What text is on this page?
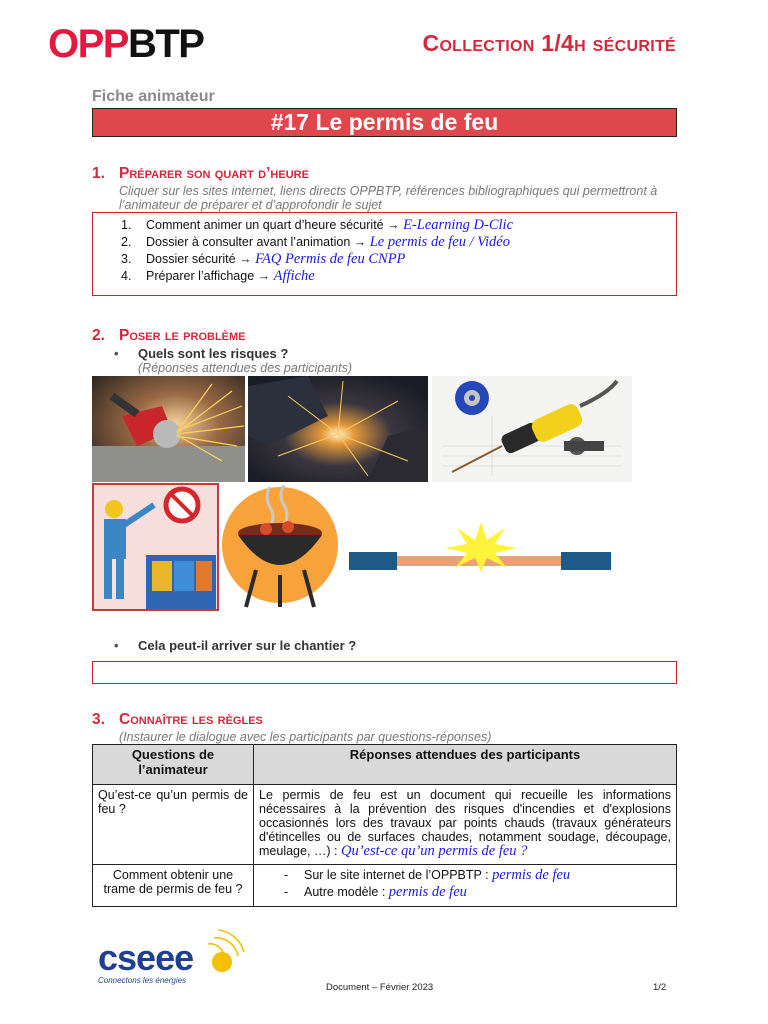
OPPBTP	Collection 1/4h sécurité
Fiche animateur
#17 Le permis de feu
1. Préparer son quart d’heure
Cliquer sur les sites internet, liens directs OPPBTP, références bibliographiques qui permettront à l’animateur de préparer et d’approfondir le sujet
1. Comment animer un quart d’heure sécurité → E-Learning D-Clic
2. Dossier à consulter avant l’animation → Le permis de feu / Vidéo
3. Dossier sécurité → FAQ Permis de feu CNPP
4. Préparer l’affichage → Affiche
2. Poser le problème
• Quels sont les risques ?
(Réponses attendues des participants)
• Cela peut-il arriver sur le chantier ?
3. Connaître les règles
(Instaurer le dialogue avec les participants par questions-réponses)
Questions de l’animateur	Réponses attendues des participants
Qu’est-ce qu’un permis de feu ?	Le permis de feu est un document qui recueille les informations nécessaires à la prévention des risques d'incendies et d'explosions occasionnés lors des travaux par points chauds (travaux générateurs d'étincelles ou de surfaces chaudes, notamment soudage, découpage, meulage, …) : Qu’est-ce qu’un permis de feu ?
Comment obtenir une trame de permis de feu ?	- Sur le site internet de l’OPPBTP : permis de feu
- Autre modèle : permis de feu
cseee
Connectons les énergies
Document – Février 2023	1/2
